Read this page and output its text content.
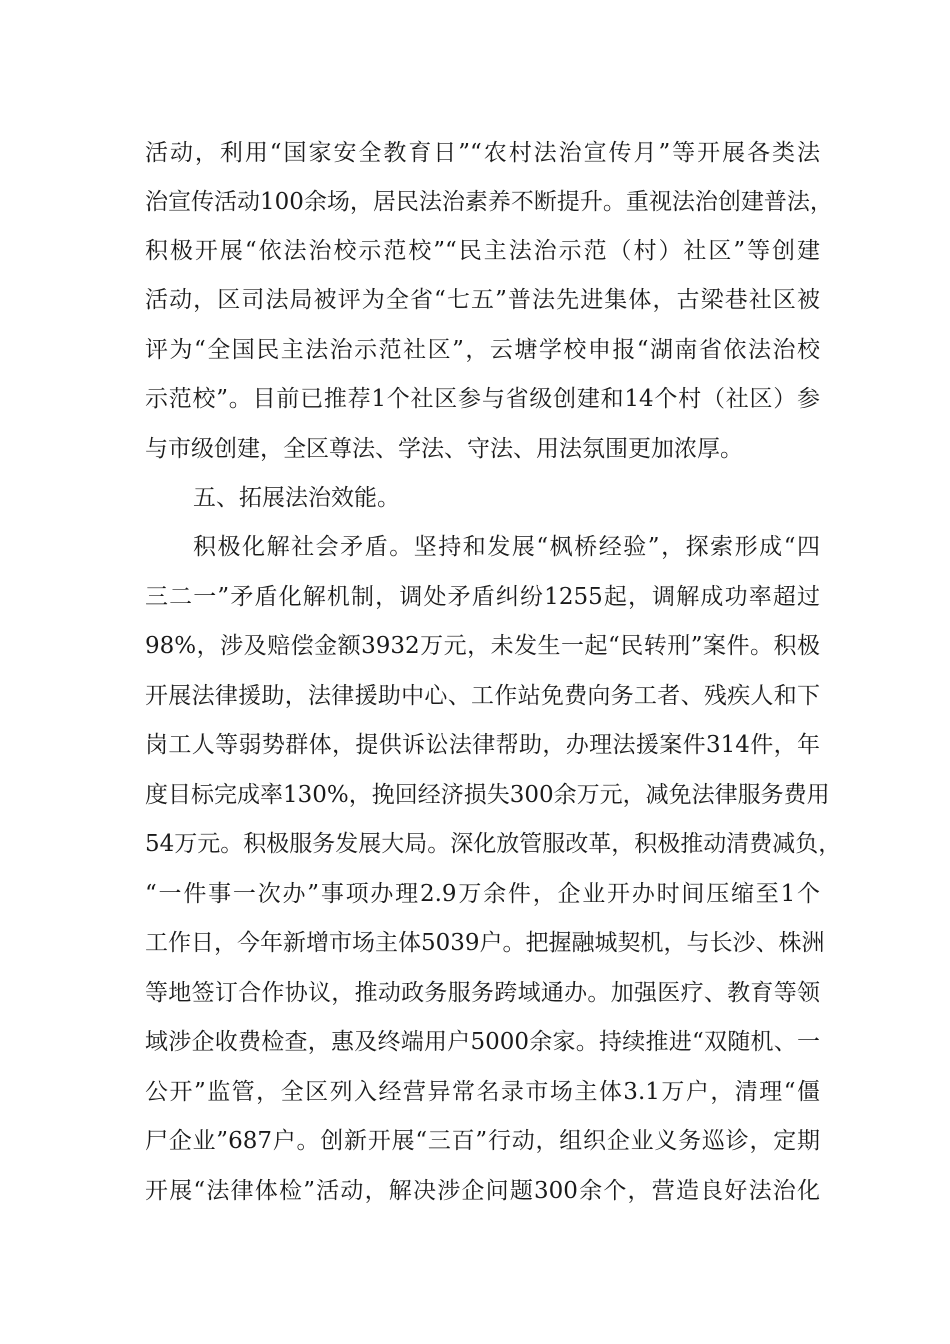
活动，利用“国家安全教育日”“农村法治宣传月”等开展各类法
治宣传活动100余场，居民法治素养不断提升。重视法治创建普法，
积极开展“依法治校示范校”“民主法治示范（村）社区”等创建
活动，区司法局被评为全省“七五”普法先进集体，古梁巷社区被
评为“全国民主法治示范社区”，云塘学校申报“湖南省依法治校
示范校”。目前已推荐1个社区参与省级创建和14个村（社区）参
与市级创建，全区尊法、学法、守法、用法氛围更加浓厚。
五、拓展法治效能。
积极化解社会矛盾。坚持和发展“枫桥经验”，探索形成“四
三二一”矛盾化解机制，调处矛盾纠纷1255起，调解成功率超过
98%，涉及赔偿金额3932万元，未发生一起“民转刑”案件。积极
开展法律援助，法律援助中心、工作站免费向务工者、残疾人和下
岗工人等弱势群体，提供诉讼法律帮助，办理法援案件314件，年
度目标完成率130%，挽回经济损失300余万元，减免法律服务费用
54万元。积极服务发展大局。深化放管服改革，积极推动清费减负，
“一件事一次办”事项办理2.9万余件，企业开办时间压缩至1个
工作日，今年新增市场主体5039户。把握融城契机，与长沙、株洲
等地签订合作协议，推动政务服务跨域通办。加强医疗、教育等领
域涉企收费检查，惠及终端用户5000余家。持续推进“双随机、一
公开”监管，全区列入经营异常名录市场主体3.1万户，清理“僵
尸企业”687户。创新开展“三百”行动，组织企业义务巡诊，定期
开展“法律体检”活动，解决涉企问题300余个，营造良好法治化
